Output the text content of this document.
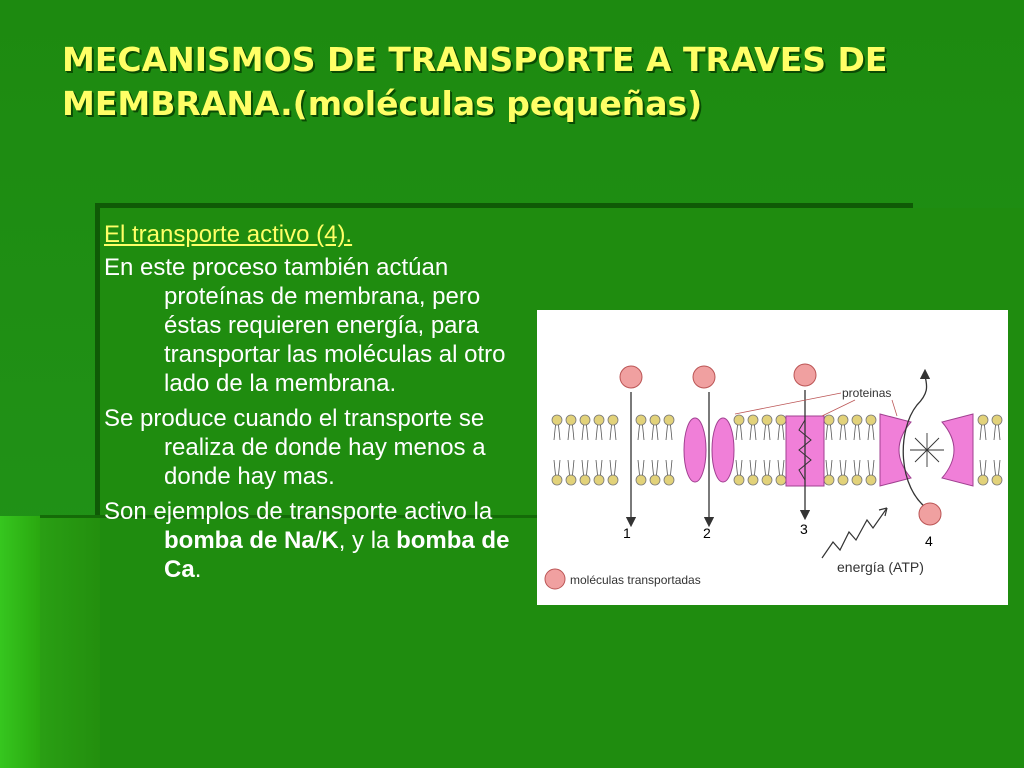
MECANISMOS DE TRANSPORTE A TRAVES DE MEMBRANA.(moléculas pequeñas)

El transporte activo (4).

En este proceso también actúan proteínas de membrana, pero éstas requieren energía, para transportar las moléculas al otro lado de la membrana.

Se produce cuando el transporte se realiza de donde hay menos a donde hay mas.

Son ejemplos de transporte activo la bomba de Na/K, y la bomba de Ca.

1	2	3
4
energía (ATP)
proteinas
moléculas transportadas
